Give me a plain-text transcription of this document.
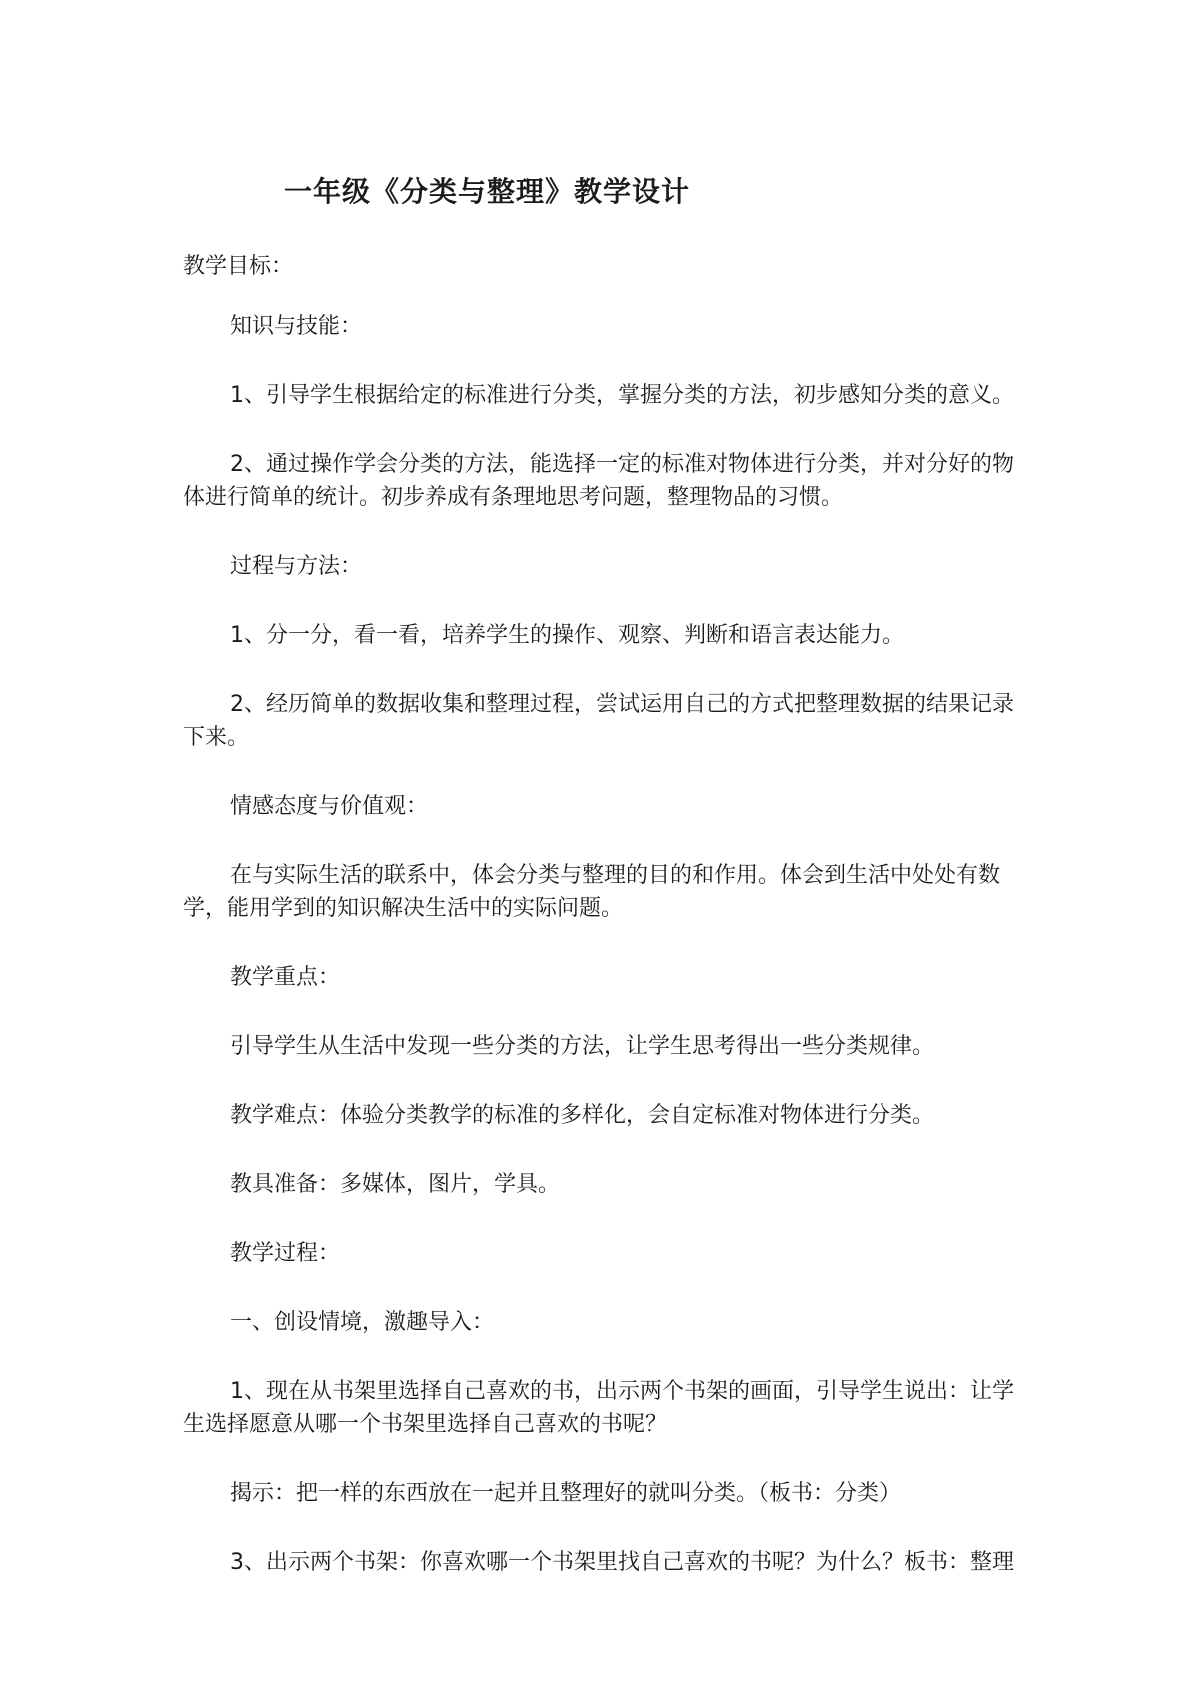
一年级《分类与整理》教学设计

教学目标：

知识与技能：

1、引导学生根据给定的标准进行分类，掌握分类的方法，初步感知分类的意义。

2、通过操作学会分类的方法，能选择一定的标准对物体进行分类，并对分好的物体进行简单的统计。初步养成有条理地思考问题，整理物品的习惯。

过程与方法：

1、分一分，看一看，培养学生的操作、观察、判断和语言表达能力。

2、经历简单的数据收集和整理过程，尝试运用自己的方式把整理数据的结果记录下来。

情感态度与价值观：

在与实际生活的联系中，体会分类与整理的目的和作用。体会到生活中处处有数学，能用学到的知识解决生活中的实际问题。

教学重点：

引导学生从生活中发现一些分类的方法，让学生思考得出一些分类规律。

教学难点：体验分类教学的标准的多样化，会自定标准对物体进行分类。

教具准备：多媒体，图片，学具。

教学过程：

一、创设情境，激趣导入：

1、现在从书架里选择自己喜欢的书，出示两个书架的画面，引导学生说出：让学生选择愿意从哪一个书架里选择自己喜欢的书呢？

揭示：把一样的东西放在一起并且整理好的就叫分类。（板书：分类）

3、出示两个书架：你喜欢哪一个书架里找自己喜欢的书呢？为什么？板书：整理
